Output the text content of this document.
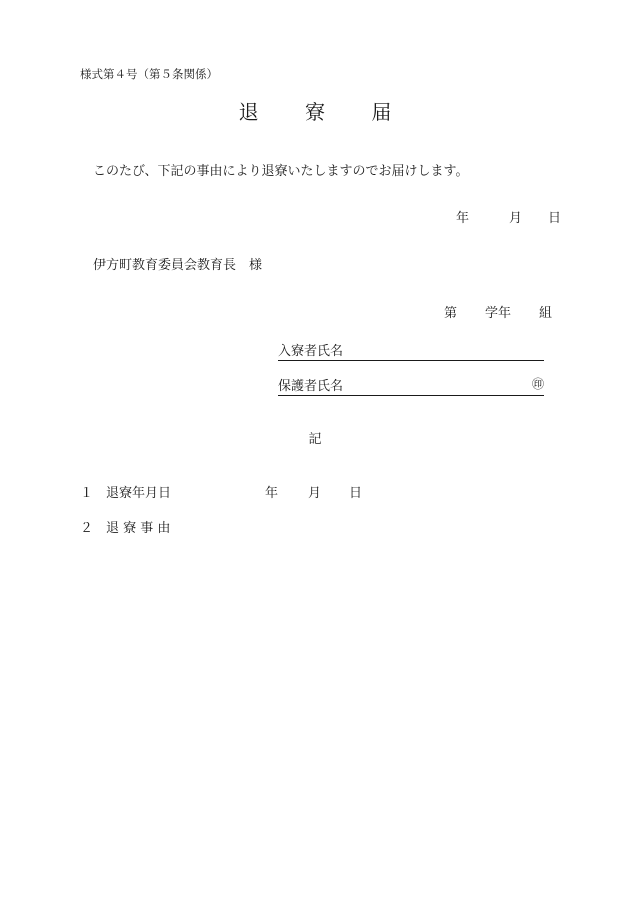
様式第４号（第５条関係）
退 寮 届
このたび、下記の事由により退寮いたしますのでお届けします。
年	月 日
伊方町教育委員会教育長　様
第 学年 組
入寮者氏名
保護者氏名	㊞
記
１ 退寮年月日	年 月 日
２ 退 寮 事 由
